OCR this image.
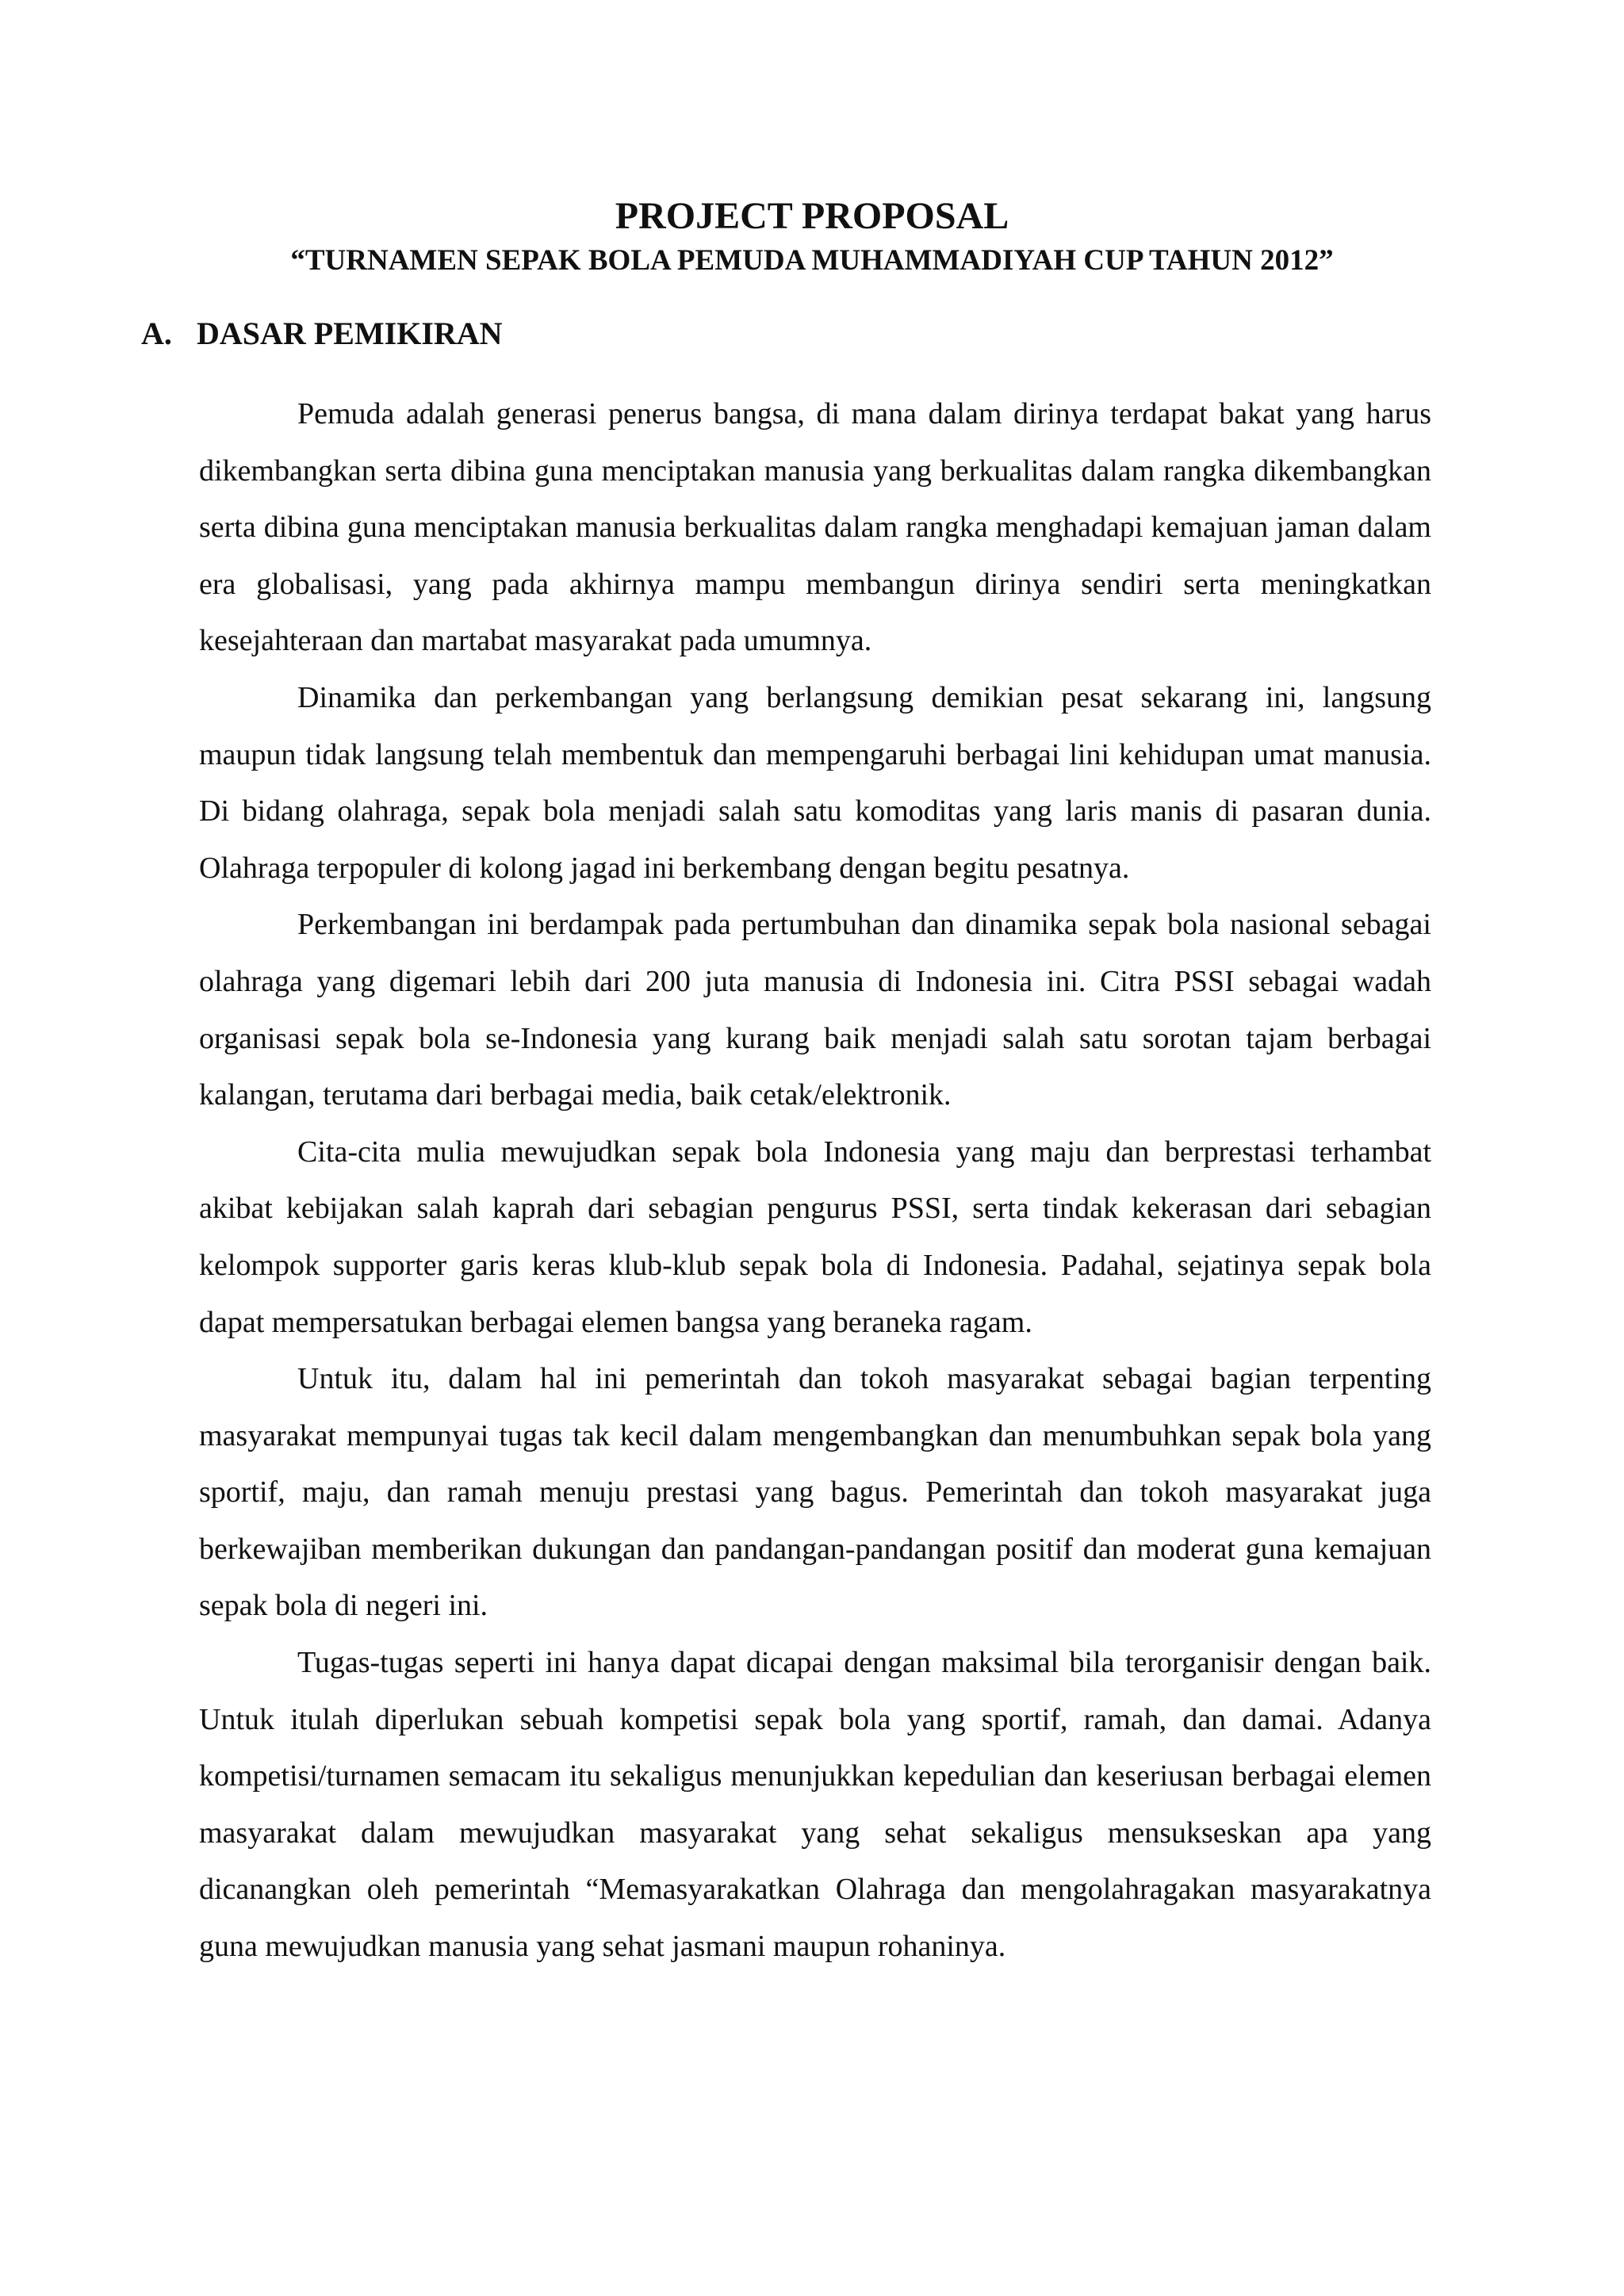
PROJECT PROPOSAL
“TURNAMEN SEPAK BOLA PEMUDA MUHAMMADIYAH CUP TAHUN 2012”
A. DASAR PEMIKIRAN

Pemuda adalah generasi penerus bangsa, di mana dalam dirinya terdapat bakat yang harus dikembangkan serta dibina guna menciptakan manusia yang berkualitas dalam rangka dikembangkan serta dibina guna menciptakan manusia berkualitas dalam rangka menghadapi kemajuan jaman dalam era globalisasi, yang pada akhirnya mampu membangun dirinya sendiri serta meningkatkan kesejahteraan dan martabat masyarakat pada umumnya.

Dinamika dan perkembangan yang berlangsung demikian pesat sekarang ini, langsung maupun tidak langsung telah membentuk dan mempengaruhi berbagai lini kehidupan umat manusia. Di bidang olahraga, sepak bola menjadi salah satu komoditas yang laris manis di pasaran dunia. Olahraga terpopuler di kolong jagad ini berkembang dengan begitu pesatnya.

Perkembangan ini berdampak pada pertumbuhan dan dinamika sepak bola nasional sebagai olahraga yang digemari lebih dari 200 juta manusia di Indonesia ini. Citra PSSI sebagai wadah organisasi sepak bola se-Indonesia yang kurang baik menjadi salah satu sorotan tajam berbagai kalangan, terutama dari berbagai media, baik cetak/elektronik.

Cita-cita mulia mewujudkan sepak bola Indonesia yang maju dan berprestasi terhambat akibat kebijakan salah kaprah dari sebagian pengurus PSSI, serta tindak kekerasan dari sebagian kelompok supporter garis keras klub-klub sepak bola di Indonesia. Padahal, sejatinya sepak bola dapat mempersatukan berbagai elemen bangsa yang beraneka ragam.

Untuk itu, dalam hal ini pemerintah dan tokoh masyarakat sebagai bagian terpenting masyarakat mempunyai tugas tak kecil dalam mengembangkan dan menumbuhkan sepak bola yang sportif, maju, dan ramah menuju prestasi yang bagus. Pemerintah dan tokoh masyarakat juga berkewajiban memberikan dukungan dan pandangan-pandangan positif dan moderat guna kemajuan sepak bola di negeri ini.

Tugas-tugas seperti ini hanya dapat dicapai dengan maksimal bila terorganisir dengan baik. Untuk itulah diperlukan sebuah kompetisi sepak bola yang sportif, ramah, dan damai. Adanya kompetisi/turnamen semacam itu sekaligus menunjukkan kepedulian dan keseriusan berbagai elemen masyarakat dalam mewujudkan masyarakat yang sehat sekaligus mensukseskan apa yang dicanangkan oleh pemerintah “Memasyarakatkan Olahraga dan mengolahragakan masyarakatnya guna mewujudkan manusia yang sehat jasmani maupun rohaninya.
